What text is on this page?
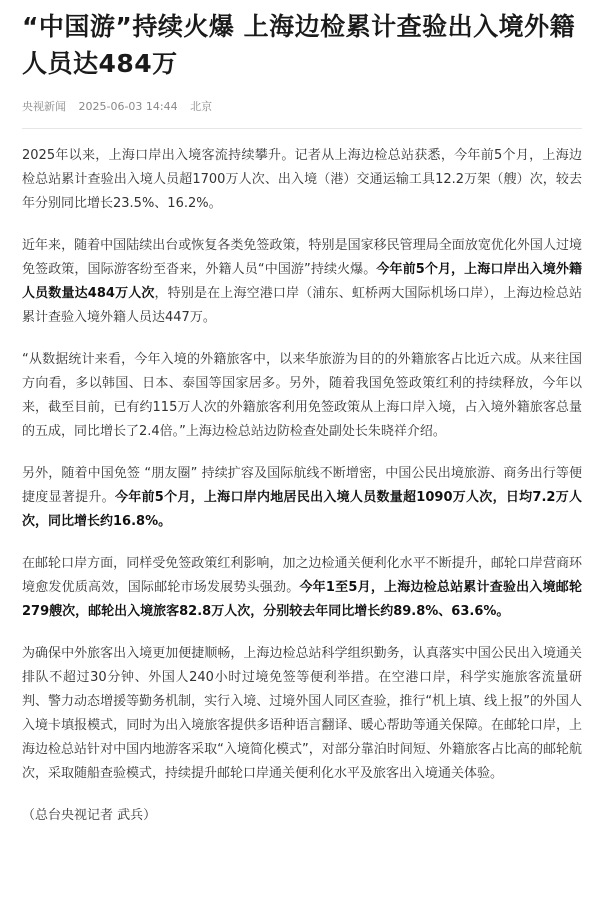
“中国游”持续火爆 上海边检累计查验出入境外籍人员达484万
央视新闻 2025-06-03 14:44 北京

2025年以来，上海口岸出入境客流持续攀升。记者从上海边检总站获悉，今年前5个月，上海边检总站累计查验出入境人员超1700万人次、出入境（港）交通运输工具12.2万架（艘）次，较去年分别同比增长23.5%、16.2%。

近年来，随着中国陆续出台或恢复各类免签政策，特别是国家移民管理局全面放宽优化外国人过境免签政策，国际游客纷至沓来，外籍人员“中国游”持续火爆。今年前5个月，上海口岸出入境外籍人员数量达484万人次，特别是在上海空港口岸（浦东、虹桥两大国际机场口岸），上海边检总站累计查验入境外籍人员达447万。

“从数据统计来看，今年入境的外籍旅客中，以来华旅游为目的的外籍旅客占比近六成。从来往国方向看，多以韩国、日本、泰国等国家居多。另外，随着我国免签政策红利的持续释放，今年以来，截至目前，已有约115万人次的外籍旅客利用免签政策从上海口岸入境，占入境外籍旅客总量的五成，同比增长了2.4倍。”上海边检总站边防检查处副处长朱晓祥介绍。

另外，随着中国免签 “朋友圈” 持续扩容及国际航线不断增密，中国公民出境旅游、商务出行等便捷度显著提升。今年前5个月，上海口岸内地居民出入境人员数量超1090万人次，日均7.2万人次，同比增长约16.8%。

在邮轮口岸方面，同样受免签政策红利影响，加之边检通关便利化水平不断提升，邮轮口岸营商环境愈发优质高效，国际邮轮市场发展势头强劲。今年1至5月，上海边检总站累计查验出入境邮轮279艘次，邮轮出入境旅客82.8万人次，分别较去年同比增长约89.8%、63.6%。

为确保中外旅客出入境更加便捷顺畅，上海边检总站科学组织勤务，认真落实中国公民出入境通关排队不超过30分钟、外国人240小时过境免签等便利举措。在空港口岸，科学实施旅客流量研判、警力动态增援等勤务机制，实行入境、过境外国人同区查验，推行“机上填、线上报”的外国人入境卡填报模式，同时为出入境旅客提供多语种语言翻译、暖心帮助等通关保障。在邮轮口岸，上海边检总站针对中国内地游客采取“入境简化模式”，对部分靠泊时间短、外籍旅客占比高的邮轮航次，采取随船查验模式，持续提升邮轮口岸通关便利化水平及旅客出入境通关体验。

（总台央视记者 武兵）
